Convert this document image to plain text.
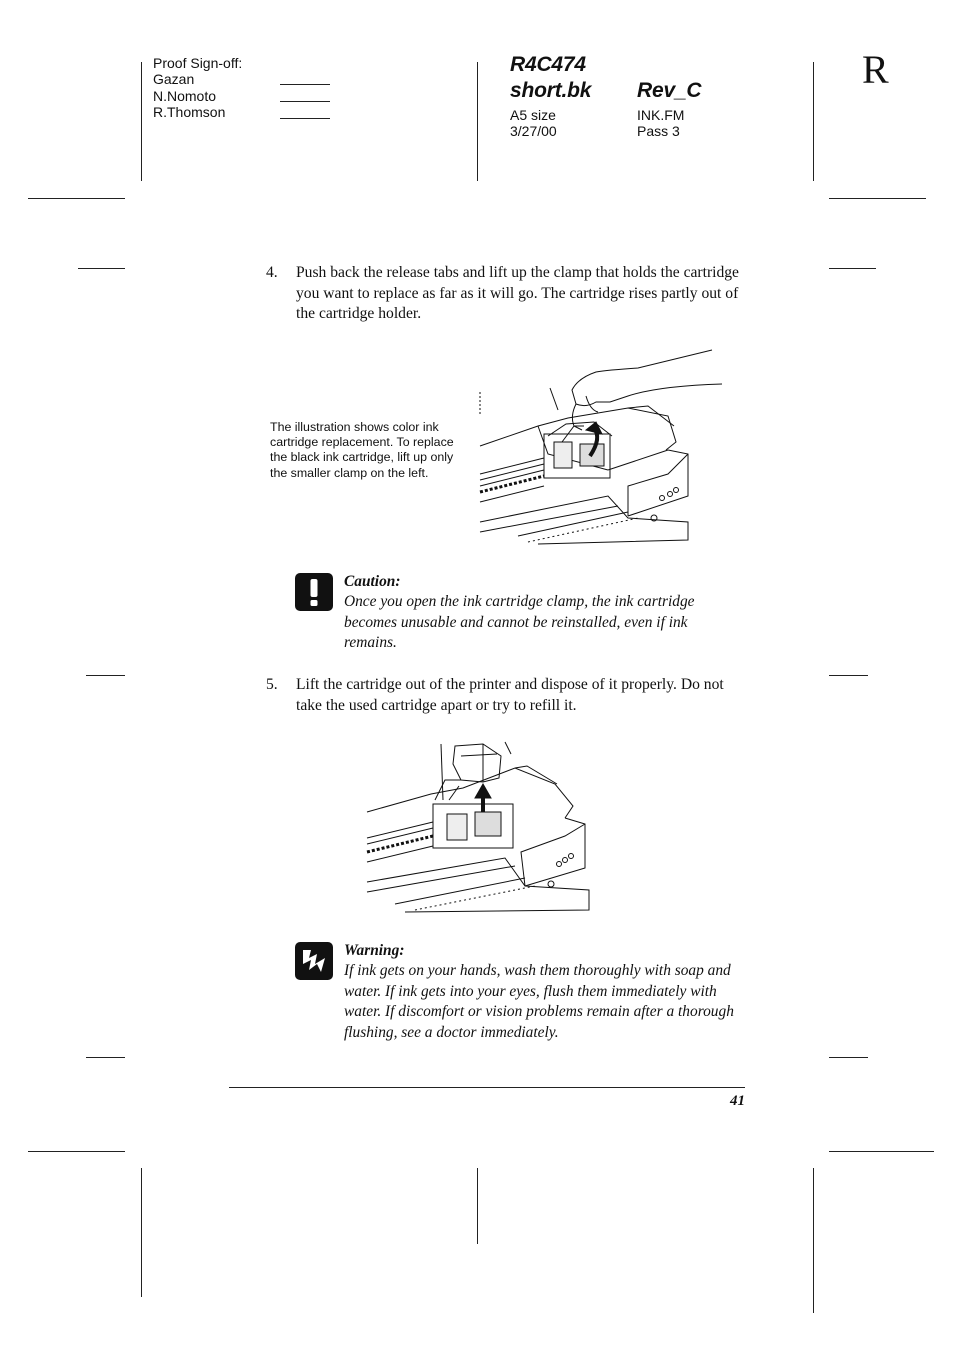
Proof Sign-off:
Gazan
N.Nomoto
R.Thomson
R4C474
short.bk Rev_C
A5 size
3/27/00
INK.FM
Pass 3
R
4. Push back the release tabs and lift up the clamp that holds the cartridge you want to replace as far as it will go. The cartridge rises partly out of the cartridge holder.
The illustration shows color ink cartridge replacement. To replace the black ink cartridge, lift up only the smaller clamp on the left.
Caution:
Once you open the ink cartridge clamp, the ink cartridge becomes unusable and cannot be reinstalled, even if ink remains.
5. Lift the cartridge out of the printer and dispose of it properly. Do not take the used cartridge apart or try to refill it.
Warning:
If ink gets on your hands, wash them thoroughly with soap and water. If ink gets into your eyes, flush them immediately with water. If discomfort or vision problems remain after a thorough flushing, see a doctor immediately.
41
